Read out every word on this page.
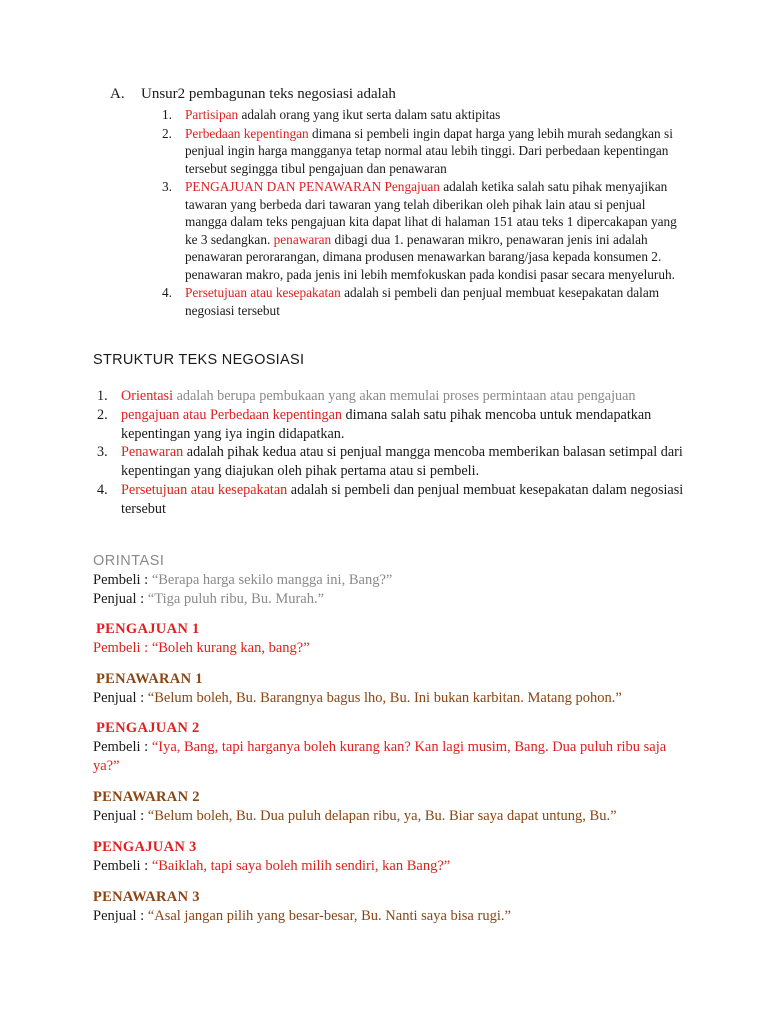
A. Unsur2 pembagunan teks negosiasi adalah
1. Partisipan adalah orang yang ikut serta dalam satu aktipitas
2. Perbedaan kepentingan dimana si pembeli ingin dapat harga yang lebih murah sedangkan si penjual ingin harga mangganya tetap normal atau lebih tinggi. Dari perbedaan kepentingan tersebut segingga tibul pengajuan dan penawaran
3. PENGAJUAN DAN PENAWARAN Pengajuan adalah ketika salah satu pihak menyajikan tawaran yang berbeda dari tawaran yang telah diberikan oleh pihak lain atau si penjual mangga dalam teks pengajuan kita dapat lihat di halaman 151 atau teks 1 dipercakapan yang ke 3 sedangkan. penawaran dibagi dua 1. penawaran mikro, penawaran jenis ini adalah penawaran perorarangan, dimana produsen menawarkan barang/jasa kepada konsumen 2. penawaran makro, pada jenis ini lebih memfokuskan pada kondisi pasar secara menyeluruh.
4. Persetujuan atau kesepakatan adalah si pembeli dan penjual membuat kesepakatan dalam negosiasi tersebut
STRUKTUR TEKS NEGOSIASI
1. Orientasi adalah berupa pembukaan yang akan memulai proses permintaan atau pengajuan
2. pengajuan atau Perbedaan kepentingan dimana salah satu pihak mencoba untuk mendapatkan kepentingan yang iya ingin didapatkan.
3. Penawaran adalah pihak kedua atau si penjual mangga mencoba memberikan balasan setimpal dari kepentingan yang diajukan oleh pihak pertama atau si pembeli.
4. Persetujuan atau kesepakatan adalah si pembeli dan penjual membuat kesepakatan dalam negosiasi tersebut
ORINTASI
Pembeli : “Berapa harga sekilo mangga ini, Bang?”
Penjual : “Tiga puluh ribu, Bu. Murah.”
PENGAJUAN 1
Pembeli : “Boleh kurang kan, bang?”
PENAWARAN 1
Penjual : “Belum boleh, Bu. Barangnya bagus lho, Bu. Ini bukan karbitan. Matang pohon.”
PENGAJUAN 2
Pembeli : “Iya, Bang, tapi harganya boleh kurang kan? Kan lagi musim, Bang. Dua puluh ribu saja ya?”
PENAWARAN 2
Penjual : “Belum boleh, Bu. Dua puluh delapan ribu, ya, Bu. Biar saya dapat untung, Bu.”
PENGAJUAN 3
Pembeli : “Baiklah, tapi saya boleh milih sendiri, kan Bang?”
PENAWARAN 3
Penjual : “Asal jangan pilih yang besar-besar, Bu. Nanti saya bisa rugi.”
